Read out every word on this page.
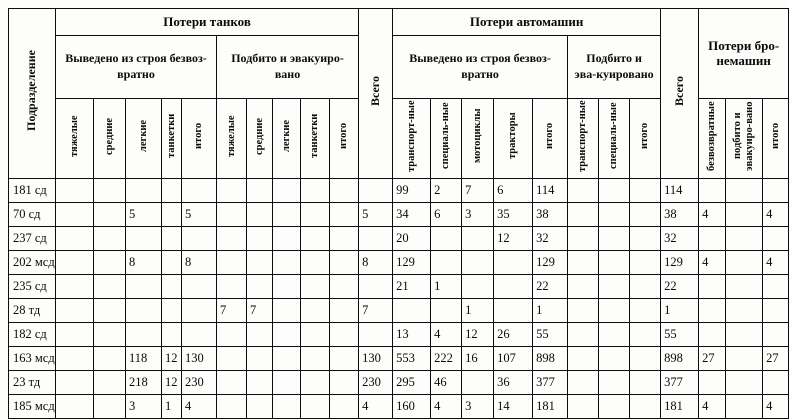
Подразделение	Потери танков										Всего	Потери автомашин								Всего	Потери бро-немашин		
	Выведено из строя безвоз-вратно					Подбито и эвакуиро-вано						Выведено из строя безвоз-вратно					Подбито и эва-куировано						
	тяжелые	средние	легкие	танкетки	итого	тяжелые	средние	легкие	танкетки	итого		транспорт-ные	специаль-ные	мотоциклы	тракторы	итого	транспорт-ные	специаль-ные	итого		безвозвратные	подбито и эвакуиро-вано	итого
181 сд												99	2	7	6	114				114			
70 сд			5		5						5	34	6	3	35	38				38	4		4
237 сд												20			12	32				32			
202 мсд			8		8						8	129				129				129	4		4
235 сд												21	1			22				22			
28 тд						7	7				7			1		1				1			
182 сд												13	4	12	26	55				55			
163 мсд			118	12	130						130	553	222	16	107	898				898	27		27
23 тд			218	12	230						230	295	46		36	377				377			
185 мсд			3	1	4						4	160	4	3	14	181				181	4		4
